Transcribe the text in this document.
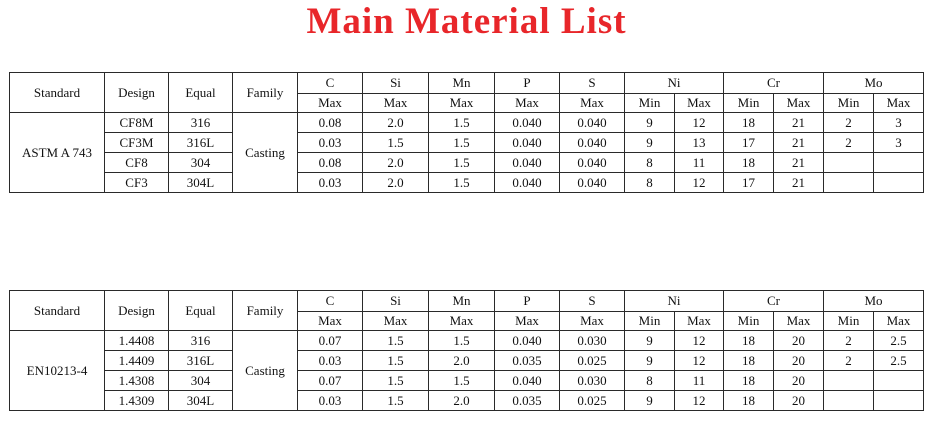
Main Material List
Standard	Design	Equal	Family	C	Si	Mn	P	S	Ni		Cr		Mo	
				Max	Max	Max	Max	Max	Min	Max	Min	Max	Min	Max
ASTM A 743	CF8M	316	Casting	0.08	2.0	1.5	0.040	0.040	9	12	18	21	2	3
	CF3M	316L		0.03	1.5	1.5	0.040	0.040	9	13	17	21	2	3
	CF8	304		0.08	2.0	1.5	0.040	0.040	8	11	18	21		
	CF3	304L		0.03	2.0	1.5	0.040	0.040	8	12	17	21		
Standard	Design	Equal	Family	C	Si	Mn	P	S	Ni		Cr		Mo	
				Max	Max	Max	Max	Max	Min	Max	Min	Max	Min	Max
EN10213-4	1.4408	316	Casting	0.07	1.5	1.5	0.040	0.030	9	12	18	20	2	2.5
	1.4409	316L		0.03	1.5	2.0	0.035	0.025	9	12	18	20	2	2.5
	1.4308	304		0.07	1.5	1.5	0.040	0.030	8	11	18	20		
	1.4309	304L		0.03	1.5	2.0	0.035	0.025	9	12	18	20		
